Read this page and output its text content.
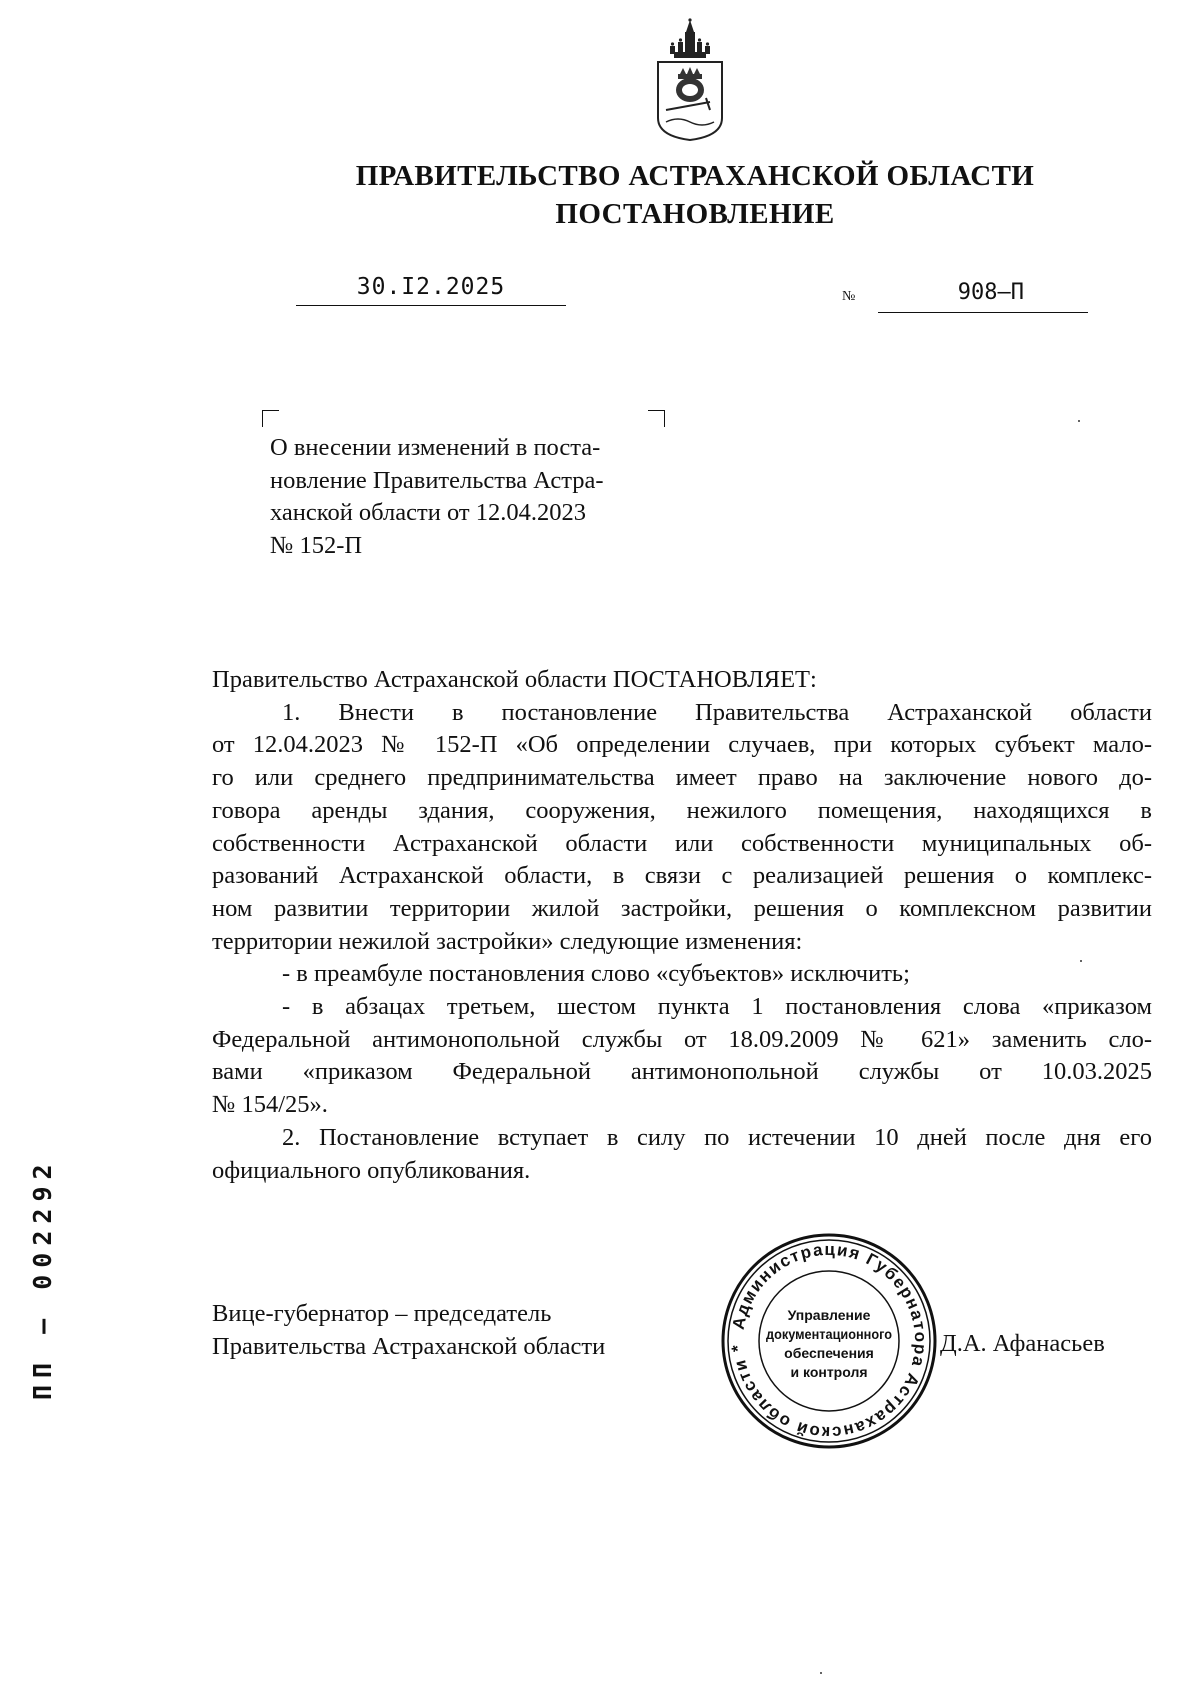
ПРАВИТЕЛЬСТВО АСТРАХАНСКОЙ ОБЛАСТИ
ПОСТАНОВЛЕНИЕ
30.I2.2025	№	908–П
О внесении изменений в поста-
новление Правительства Астра-
ханской области от 12.04.2023
№ 152-П
Правительство Астраханской области ПОСТАНОВЛЯЕТ:
1. Внести в постановление Правительства Астраханской области
от 12.04.2023 № 152-П «Об определении случаев, при которых субъект мало-
го или среднего предпринимательства имеет право на заключение нового до-
говора аренды здания, сооружения, нежилого помещения, находящихся в
собственности Астраханской области или собственности муниципальных об-
разований Астраханской области, в связи с реализацией решения о комплекс-
ном развитии территории жилой застройки, решения о комплексном развитии
территории нежилой застройки» следующие изменения:
- в преамбуле постановления слово «субъектов» исключить;
- в абзацах третьем, шестом пункта 1 постановления слова «приказом
Федеральной антимонопольной службы от 18.09.2009 № 621» заменить сло-
вами «приказом Федеральной антимонопольной службы от 10.03.2025
№ 154/25».
2. Постановление вступает в силу по истечении 10 дней после дня его
официального опубликования.
Вице-губернатор – председатель
Правительства Астраханской области	Д.А. Афанасьев
Администрация Губернатора Астраханской области *
Управление
документационного
обеспечения
и контроля
ПП – 002292
